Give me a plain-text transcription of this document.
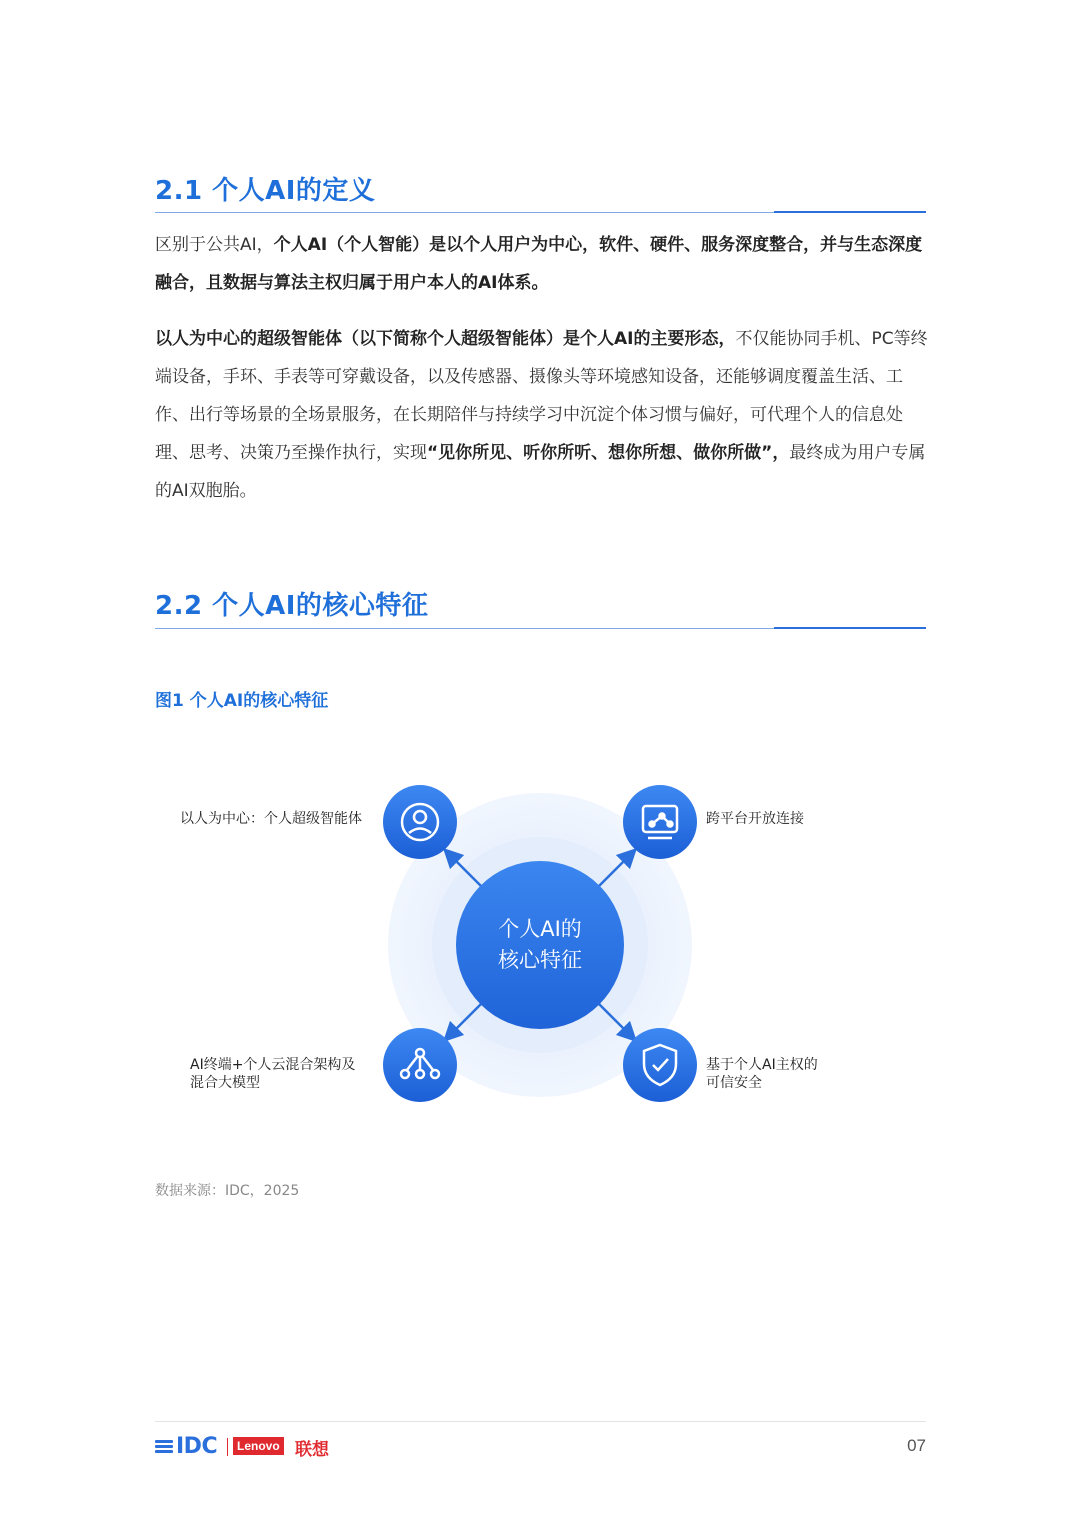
2.1 个人AI的定义

区别于公共AI，个人AI（个人智能）是以个人用户为中心，软件、硬件、服务深度整合，并与生态深度融合，且数据与算法主权归属于用户本人的AI体系。

以人为中心的超级智能体（以下简称个人超级智能体）是个人AI的主要形态，不仅能协同手机、PC等终端设备，手环、手表等可穿戴设备，以及传感器、摄像头等环境感知设备，还能够调度覆盖生活、工作、出行等场景的全场景服务，在长期陪伴与持续学习中沉淀个体习惯与偏好，可代理个人的信息处理、思考、决策乃至操作执行，实现“见你所见、听你所听、想你所想、做你所做”，最终成为用户专属的AI双胞胎。

2.2 个人AI的核心特征

图1 个人AI的核心特征

个人AI的
核心特征
以人为中心：个人超级智能体	跨平台开放连接
AI终端+个人云混合架构及
混合大模型
基于个人AI主权的
可信安全
数据来源：IDC，2025
IDC	Lenovo 联想	07
